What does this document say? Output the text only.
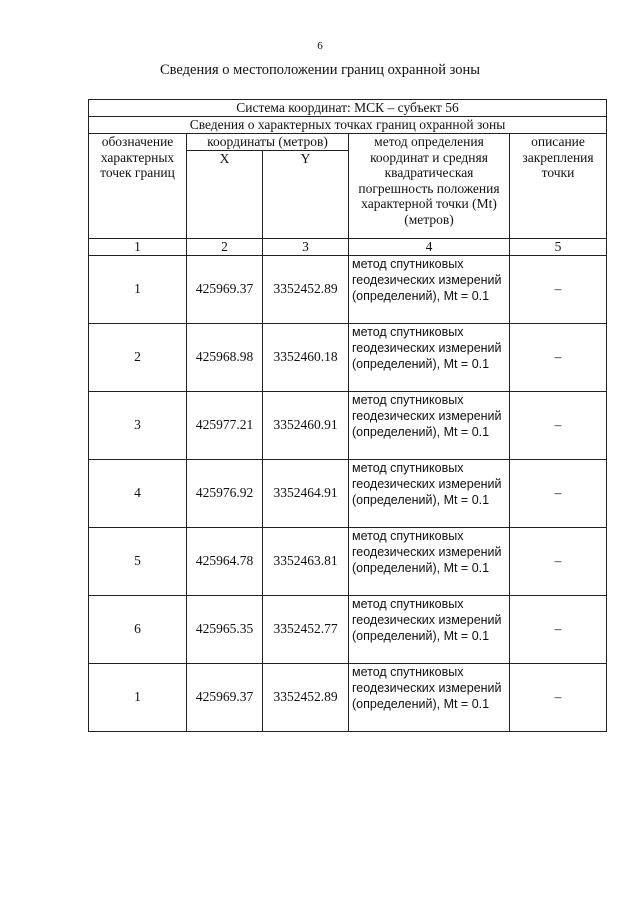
6
Сведения о местоположении границ охранной зоны
Система координат: МСК – субъект 56				
Сведения о характерных точках границ охранной зоны				
обозначение характерных точек границ	координаты (метров)		метод определения координат и средняя квадратическая погрешность положения характерной точки (Mt) (метров)	описание закрепления точки
	X	Y		
1	2	3	4	5
1	425969.37	3352452.89	метод спутниковых геодезических измерений (определений), Mt = 0.1	–
2	425968.98	3352460.18	метод спутниковых геодезических измерений (определений), Mt = 0.1	–
3	425977.21	3352460.91	метод спутниковых геодезических измерений (определений), Mt = 0.1	–
4	425976.92	3352464.91	метод спутниковых геодезических измерений (определений), Mt = 0.1	–
5	425964.78	3352463.81	метод спутниковых геодезических измерений (определений), Mt = 0.1	–
6	425965.35	3352452.77	метод спутниковых геодезических измерений (определений), Mt = 0.1	–
1	425969.37	3352452.89	метод спутниковых геодезических измерений (определений), Mt = 0.1	–
